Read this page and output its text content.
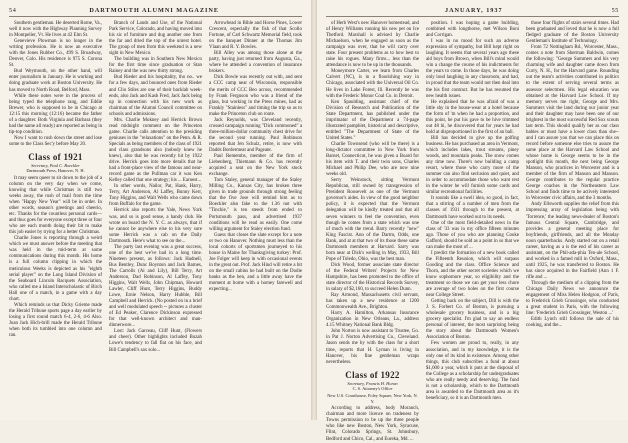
54	DARTMOUTH ALUMNI MAGAZINE

Southern gentleman. He deserted Rome, Va., well it now with the Highway Planning Survey in Montpelier, Vt. He lives at 42 Elm St.

Genevieve Plowman is no longer in the writing profession. He is now an executive with the Jones Rubber Co., 499 S. Broadway, Denver, Colo. His residence is 975 S. Corona St.

Bud Weymouth, on the other hand, will enter journalism in January. He is working and doing graduate work at Boston University. He has moved to North Road, Belford, Mass.

While these notes were in the process of being typed the telephone rang, and Eddie Brewer, who is supposed to be in Chicago at 12:15 this morning (12:16) became the father of a daughter. Both Virginia and Barbara (they had the name all ready) are reported as being in tip-top condition.

Now I want to rush down the street and lose some to the Class Sec'y before May 20.

Class of 1921
Secretary, Paul C. Boeckler
Dartmouth Press, Hanover, N. H.

It may seem queer to sit down to the job of a column on the very day when we come, knowing that while Christmas is still two weeks away, the rush of mail from the time when "Happy New Year" will be in order. In other words, season's greetings and cheerio, etc. Thanks for the countless personal cards—and thus goes for everyone except three or four who are each month doing their bit to make this job easier by trying for a better Christmas.

Charlie Jones is reporting through a weird which we must answer before the meeting that was held in the mid-term at some communications during this month. His home is a full column clipping in which the meticulous Weeks is depicted as his "eighth serial player" on the Long Island Division of the Seaboard Lincoln Racquets Association, who called me a Island Interscholastic of Birch Hall one of a match, in a game with a day chart.

Which reminds us that Dicky Grieme made the Herald Tribune sports page a day earlier by losing a first round match 6-4, 2-6, 4-6 Also. Joan Jack Hich-brill made the Herald Tribune when both its tumbled into one column and ran.

Branch of Lands and Use, of the National Park Service, Colorado, and having moved into his sic of furniture and dug another one from the far and dried the top of the unrest hotel. The group of men from this weekend is a new sight in New Mexico.

The building was in Southern New Mexico for the first time since graduation or Stan Rainey and the was new thirty strong.

Bud Rieder and his hospitality, tho no.. we for a few days, and bounced ones from Rieder and Clio Stiles are one of their backlab week-ends, also Jack and Kasb Fred, Jack Jack being up in connection with his new work as chairman of the Alumni Council committee on schools and admissions.

Mrs. Charlie Mokney and Herrick Brown read midnight comment on the Princeton game. Charlie calls attention to the presiding geniuses in the "relaxations" on the Penn. & R. Specials as being members of the class of 1921 and class grandsons also (nobody knew he knew), also that he was recently hit by 1922 drive. Herrick goes into more details that he had a front-place view of the famous and near-record game as the Pullman car it was Ken Kelley called that one strategy; his ... Earnest...

In other words, Nailor, Pat, Hank, Harry, Terry, Art Anderson, Al Laffey, Bunny Kerr, Tony Higgins, and Walt Wells who came down from Buffalo for the game.

Herrick also reports the Yale, News York was, and so is good sense, a handy club. He wrote on board the N. Y. C. as always, that if he cannot be anywhere else to his very sure some Herrick was a cab on the Daily Dartmouth. Here's what to see on the...

The party last evening was a great success, one of the best we've had in a long time. Nineteen present, as follows: Jack Hadnell, Bus Bentley, Dunc Boynton and Jack Barnes, The Carrolls (Al and Lily), Bill Terry, Art Anderson, Dad Robinson, Al Laffey, Tony Higgins, Walt Wells, John Chipman, Howard Lawler, Cliff Hunt, Terry Higgins, Buddy Lowe, Ernie Nelson, Harry Hubble, Bill Campbell and Herrick. (No posted on in a brief and well modulated speech -- pictures a cluster of Ed Peaker, Clarence Dickinson expressed for that well-known architect and man-dinnerwore...

Lost: Jack Garceau, Cliff Hunt, (Flowers and cheer). Other highlights included Buzah Lowe's tendency to fall flat on his face, and Bill Campbell's sax solo...

Arrowhead in Bible and Horse Pines, Lower Crescent, especially the fish of that Scollo Fortune, of Carl Schwartz Memorial field, took on the banquet Dinner at the Thomas Jim Vlaan and R. Y. Bowles.

Bill Alley was among those alone at the party, having just returned from Augusta, Ga., where he attended a convention of insurance brokers.

Dick Bowle was recently out with, and sent a CCC camp near of Wisconsin, responsible the merits of CCC Beo across, recommended by Frank Ferguson who was a friend of the glass, but working in the Press mines, had as Frankly "Stainless" and timing the trip so as to make the Princeton club on route.

Jack Reynolds, was Cleveland recently, crossed campaign running "Dick commoned" a three-million-dollar community chest drive for the second year running. Paul Robinson reported that Jen Schulz, retire, is now with Dadds Bordermeat and Pageant.

Paul Remembs, member of the firm of Liebenberg, Thiemann & Co. has recently acquired a seat on the New York stock exchange.

Tom Staley, general manager of the Staley Milling Co., Kansas City, has broken three given in trade grounds through strong feeling that the five Jose will remind him as to Boeckler also fake to the 1.36 not with "Tinchie," is ten steeds from ended to Portsmouth pass, and advertised 1937 conditions will be read as easily. One come willing argument for Staley election fund.

Guess that closes the slate except for a note or two on Hanover. Nothing must less than the local cohorts of sportsmen journeyed to his house in Maine for Thanksgiving turkey: Prof. Joe Folger will keep in with occasional events in the great out. Prof. Jack Hind will retire a bit on the small cabins he had built on the Dodie banks as the hen, and a little away have the moment at home with a homey farewell and expecting...

JANUARY, 1937	55

of Herb West's new Hanover homestead, and of Henry Williams running his new pet on Ice Thetford. Marshall is advised by Charlie Michaelson, when he engaged as soon as the campaign was over, that he will carry over state. Four present problems as to how best to raise his rogues. Many firms... less than the attendance is now to be up in the thousands.

Moneymore Carter, we learn from Charles Calvert (NC), is in a flourishing way in Chicago, associated with the Universal Oil Co. He lives in Lake Forest, Ill. Recently he was with the Frederic Monor Coal Co. in Detroit.

Ken Spaulding, assistant chief of the Division of Research and Publication of the State Department, has published under the imprimatur of the Department a 74-page illustrated pamphlet, historical and descriptive, entitled "The Department of State of the United States."

Charlie Townsend (who will be there) is a long-dictator committee in New York from Barnet, Connecticut, he was given a Board for his item with T. and their twin sons, Charles Michael and Philip Dee, who are now nine weeks old.

Serry Weinstock, sitting Vermont Republican, still owned by transgression of President Roosevelt as one of the Vermont governor's aides. In view of the good neighbor policy, it is expected that the Vermont delegation will be kindly treated and that all seven winners to feel the convention, even though he comes from a state which was one of much with the trend. Barry recently "new" King Fascist. Ann of the Dartm, Odds, one Bank, and at at that two of its those these same Dartmouth members at Harvard. Sarry was born near at Dick's welling in May, 1933, Bill Pope of Toledo, Ohio, was the best man.

Dick Wood, former associate state director of the Federal Writers' Projects for New Hampshire, has been promoted to the office of state director of the Historical Records Survey, in salary of $2,160, to succeed Helen Dunn.

Ray Armond, Massachusetts civil servant, has taken up a new residence at 1200 Commonwealth Ave., Brighton.

Harry A. Hamilton, Arkansas Insurance Organization in New Orleans, La., address 4.15 Whitney National Bank Bldg.

John Norton is now assistant to Trustee, Go. in Pat J. Norton Advertising Co., Cleveland. Jason sends me by with the class for a short time, reports that H. Lyman is living in Hanover, his fine gentleman wraps nevertheless.

Class of 1922
Secretary, Francis H. Horan
C. S. Attorney's Office
New U.S. Courthouse, Foley Square, New York, N. Y.

According to address, body Moranch, chairman and more licence on tradeness by Towns permission to be up the three people who like new Boston, New York, Syracuse, Flint, Colorado Springs, St. Johnsbury, Bedford and Chico, Cal., and Eureka, Md. ...

position. I was hoping a game building, combined with longthorse, met Wilson Boni and Corrigan.

I was in no mood for such an adverse expression of sympathy, but Bill kept right on laughing. It seems that several years ago these aid boys from Brown, when Bill's mind would win a change the course of his indictments for the years to come. In those days, he was doing only loud laughing in any classroom, and had, in proud that the team would not then deal into the his first contract. But he has resumed the new health issues.

He explained that he was afraid of was a little shy in the house-wear at a hotel because the form of 'm when he had a proportion, and this point, he put his gave to be hive trimmed out 48 hi, he discovered that for years he had hold at disproportioned in the first of an ball.

Bill has decided to give up the golfing business. He has purchased an area in Vermont, which includes lakes, trout streams, piney woods, and mountain peaks. The snow comes any time now. There's now building a camp resort, where those who carry more of the summer can also find seclusion and quiet, and in order to accommodate those who want rest in the winter he will furnish some cards and similar recreational facilities.

It sounds like a swell idea, so good, in fact, that a stirring of a number of men from the classes of 1931 through to the present, at Dartmouth have worked out to its needs.

One of the most field-detailed news in the class of '33 was in my office fifteen minutes ago. Those of you who are planning Cooke Gafford, should be sold as a point in so that we can make the most of ...

I predict the formation of a new book called the Fifteenth Reunion, which will surpass Gooding and the class. Office Science and Thorn, and the other secret societies which we know sophomore year, so eligibility and the treatment so those we can get your less chore are average of two holes on the first course near College Street.

Getting back on the subject, Dill is with the J. S. Forbert Co. of Boston, is pursuing a wholesale grocery business, and is a big grocery specialist. I'm glad to say an endless personal of interest, the most surprising being the story about the Dartmouth Women's Association of Boston.

Few women are proud to, really, in any association, and in my knowledge, it is the only one of its kind in existence. Among other things, this club subscribes a fund at about $1,000 a year, which it puts at the disposal of the College as a scholarship for undergraduates who are really needy and deserving. The fund is not a scholarship, which to the Dartmouth area is awarded to the Dartmouth area as it's beneficiary, so it is an Dartmouth men.

those four flights of stairs several times. Had been graduated and loved that he is now a full fledged graduate of the Boston University Gentleman's Institute of Technology.

From 72 Nottingham Rd., Worcester, Mass., comes a note from Sherman Baldwin, comes the following: "George Summers and his very charming wife and daughter came down from Curry, N. H., for the Harvard game. Rounding out the team's activities contributed in politics to the extent of serving several terms as assessor selectmen. His legal education was obtained at the Harvard Law School. If my memory serves me right, George and Mrs. Summers visit the land during our junior year and their daughter may have been one of our brightest in the most successful Red Sox scouts last term. This should qualify her as our class babies or must have a lower class than she--and I can assure you that we can place this on record before someone else tries to assure the same place at the Harvard Law School and whose home is George seems to be in the spotlight this month, the next being George Manson, who practices in Worcester and is a member of the firm of Manson and Manson. George contributes to the regular practice George coaches in the Northeastern Law School and finds time to be actively interested in Worcester civic affairs, and the 3 months.

Andy Ellsworth supplies the relief from this impressing array of legislation being with 'Torrence,' the leading news-dealer of Boston's famous Central Square, Cambridge, and provides a general meeting place for boyfriends, girlfriends, and all the Monday noon quarterbacks. Andy started out on a retail career, having as a is the end of his career as assistant, on the Phil-ada-phia Ten-ale School, and worked in a famed mill in Oxford, Mass., until 1925, he was transferred to Boston. He has since acquired in the Fairfield (Ann 1 F. rifle and ...

Through the medium of a clipping from the Chicago Daily News we announce the engagement of Miss Helen Hodgson, of Paris, to Frederick Grieb Grossinger, who conducted a great student in Paris, with the following line: 'Frederick Grieb Grossinger, Weston ...'

Edith Lynch still follows the sale of his cooking, and the...
